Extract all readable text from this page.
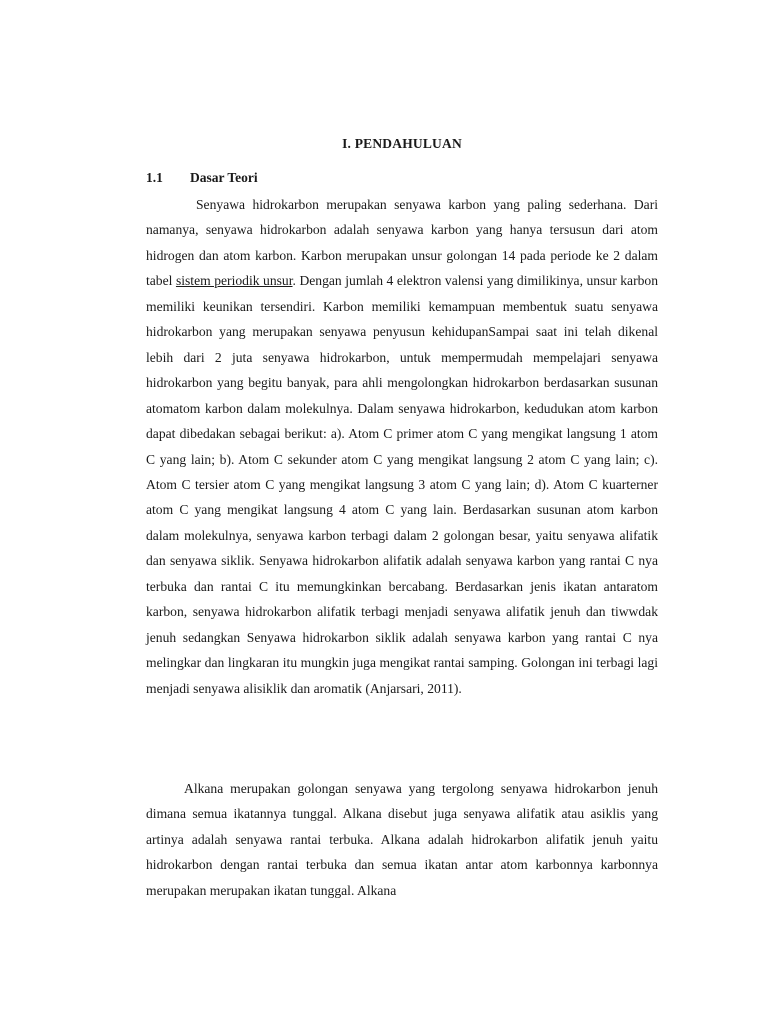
I. PENDAHULUAN
1.1 Dasar Teori

Senyawa hidrokarbon merupakan senyawa karbon yang paling sederhana. Dari namanya, senyawa hidrokarbon adalah senyawa karbon yang hanya tersusun dari atom hidrogen dan atom karbon. Karbon merupakan unsur golongan 14 pada periode ke 2 dalam tabel sistem periodik unsur. Dengan jumlah 4 elektron valensi yang dimilikinya, unsur karbon memiliki keunikan tersendiri. Karbon memiliki kemampuan membentuk suatu senyawa hidrokarbon yang merupakan senyawa penyusun kehidupanSampai saat ini telah dikenal lebih dari 2 juta senyawa hidrokarbon, untuk mempermudah mempelajari senyawa hidrokarbon yang begitu banyak, para ahli mengolongkan hidrokarbon berdasarkan susunan atomatom karbon dalam molekulnya. Dalam senyawa hidrokarbon, kedudukan atom karbon dapat dibedakan sebagai berikut: a). Atom C primer atom C yang mengikat langsung 1 atom C yang lain; b). Atom C sekunder atom C yang mengikat langsung 2 atom C yang lain; c). Atom C tersier atom C yang mengikat langsung 3 atom C yang lain; d). Atom C kuarterner atom C yang mengikat langsung 4 atom C yang lain. Berdasarkan susunan atom karbon dalam molekulnya, senyawa karbon terbagi dalam 2 golongan besar, yaitu senyawa alifatik dan senyawa siklik. Senyawa hidrokarbon alifatik adalah senyawa karbon yang rantai C nya terbuka dan rantai C itu memungkinkan bercabang. Berdasarkan jenis ikatan antaratom karbon, senyawa hidrokarbon alifatik terbagi menjadi senyawa alifatik jenuh dan tiwwdak jenuh sedangkan Senyawa hidrokarbon siklik adalah senyawa karbon yang rantai C nya melingkar dan lingkaran itu mungkin juga mengikat rantai samping. Golongan ini terbagi lagi menjadi senyawa alisiklik dan aromatik (Anjarsari, 2011).

Alkana merupakan golongan senyawa yang tergolong senyawa hidrokarbon jenuh dimana semua ikatannya tunggal. Alkana disebut juga senyawa alifatik atau asiklis yang artinya adalah senyawa rantai terbuka. Alkana adalah hidrokarbon alifatik jenuh yaitu hidrokarbon dengan rantai terbuka dan semua ikatan antar atom karbonnya karbonnya merupakan merupakan ikatan tunggal. Alkana
